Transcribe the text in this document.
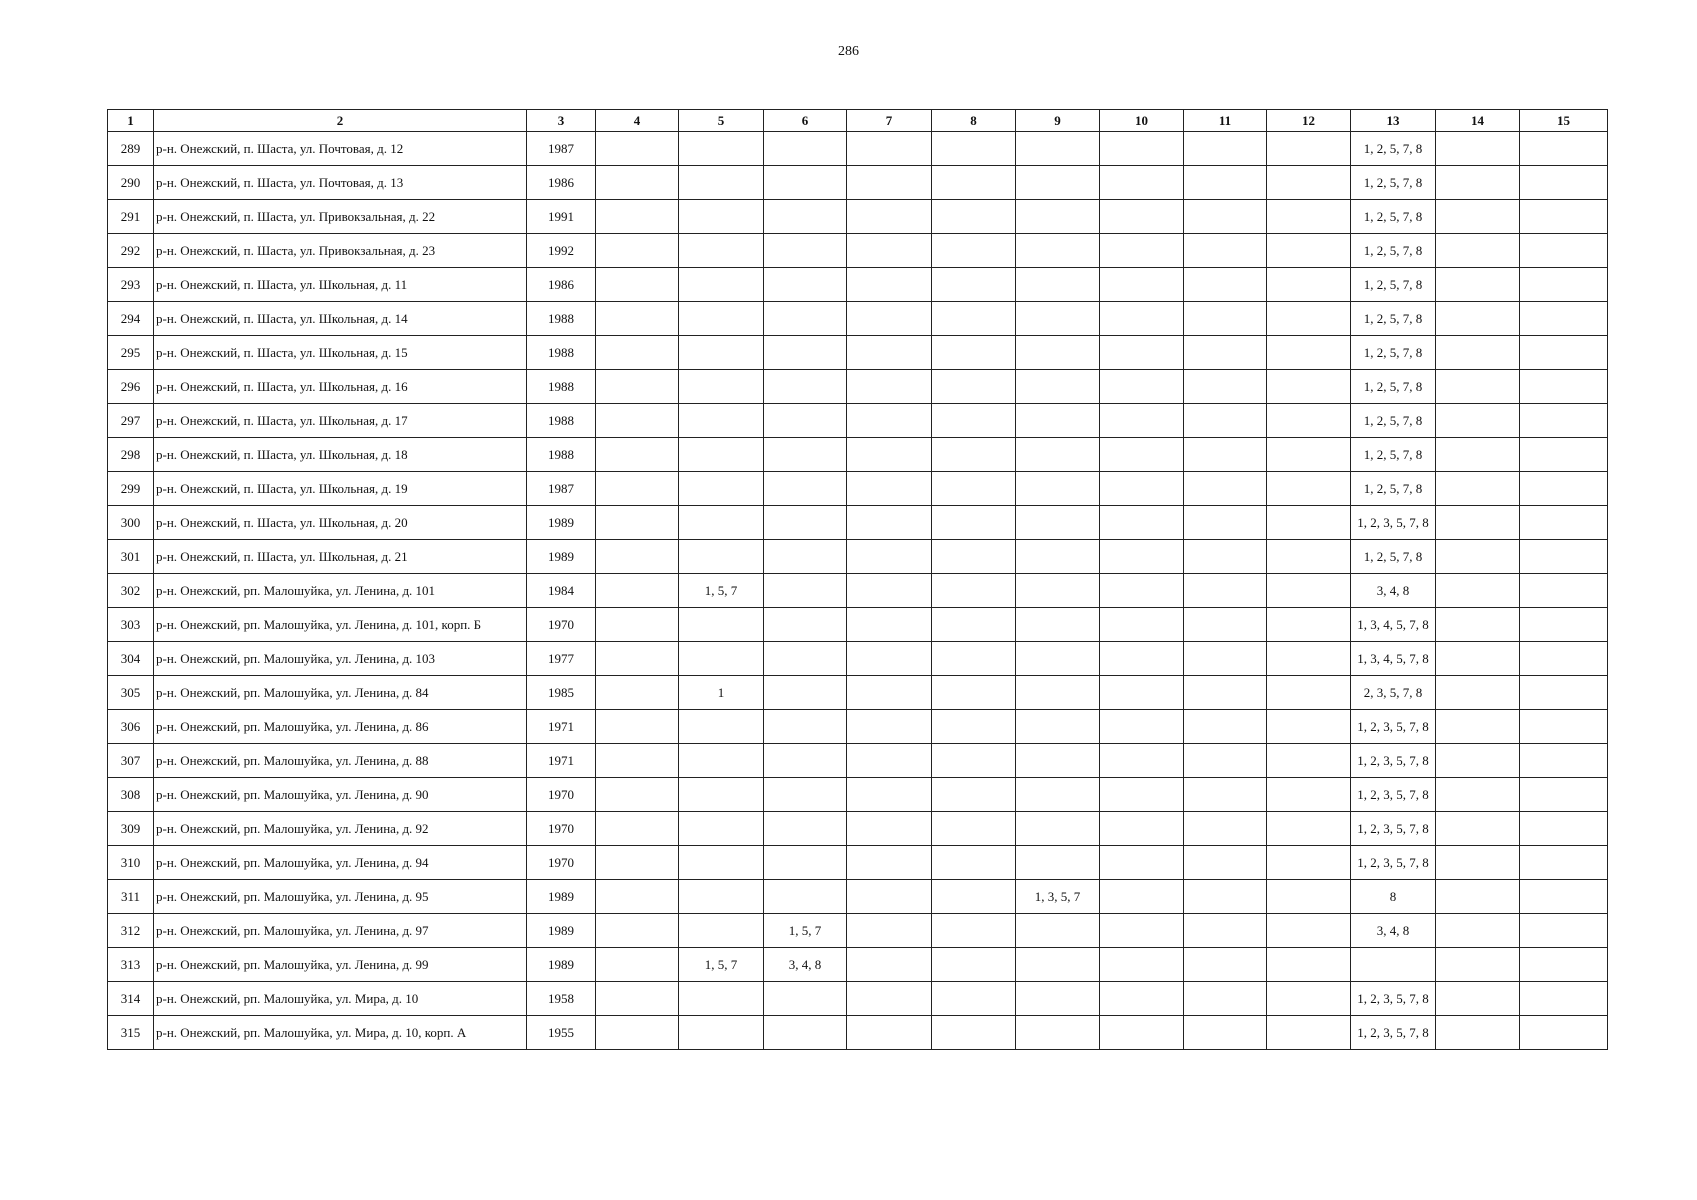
286
1	2	3	4	5	6	7	8	9	10	11	12	13	14	15
289	р-н. Онежский, п. Шаста, ул. Почтовая, д. 12	1987										1, 2, 5, 7, 8		
290	р-н. Онежский, п. Шаста, ул. Почтовая, д. 13	1986										1, 2, 5, 7, 8		
291	р-н. Онежский, п. Шаста, ул. Привокзальная, д. 22	1991										1, 2, 5, 7, 8		
292	р-н. Онежский, п. Шаста, ул. Привокзальная, д. 23	1992										1, 2, 5, 7, 8		
293	р-н. Онежский, п. Шаста, ул. Школьная, д. 11	1986										1, 2, 5, 7, 8		
294	р-н. Онежский, п. Шаста, ул. Школьная, д. 14	1988										1, 2, 5, 7, 8		
295	р-н. Онежский, п. Шаста, ул. Школьная, д. 15	1988										1, 2, 5, 7, 8		
296	р-н. Онежский, п. Шаста, ул. Школьная, д. 16	1988										1, 2, 5, 7, 8		
297	р-н. Онежский, п. Шаста, ул. Школьная, д. 17	1988										1, 2, 5, 7, 8		
298	р-н. Онежский, п. Шаста, ул. Школьная, д. 18	1988										1, 2, 5, 7, 8		
299	р-н. Онежский, п. Шаста, ул. Школьная, д. 19	1987										1, 2, 5, 7, 8		
300	р-н. Онежский, п. Шаста, ул. Школьная, д. 20	1989										1, 2, 3, 5, 7, 8		
301	р-н. Онежский, п. Шаста, ул. Школьная, д. 21	1989										1, 2, 5, 7, 8		
302	р-н. Онежский, рп. Малошуйка, ул. Ленина, д. 101	1984		1, 5, 7								3, 4, 8		
303	р-н. Онежский, рп. Малошуйка, ул. Ленина, д. 101, корп. Б	1970										1, 3, 4, 5, 7, 8		
304	р-н. Онежский, рп. Малошуйка, ул. Ленина, д. 103	1977										1, 3, 4, 5, 7, 8		
305	р-н. Онежский, рп. Малошуйка, ул. Ленина, д. 84	1985		1								2, 3, 5, 7, 8		
306	р-н. Онежский, рп. Малошуйка, ул. Ленина, д. 86	1971										1, 2, 3, 5, 7, 8		
307	р-н. Онежский, рп. Малошуйка, ул. Ленина, д. 88	1971										1, 2, 3, 5, 7, 8		
308	р-н. Онежский, рп. Малошуйка, ул. Ленина, д. 90	1970										1, 2, 3, 5, 7, 8		
309	р-н. Онежский, рп. Малошуйка, ул. Ленина, д. 92	1970										1, 2, 3, 5, 7, 8		
310	р-н. Онежский, рп. Малошуйка, ул. Ленина, д. 94	1970										1, 2, 3, 5, 7, 8		
311	р-н. Онежский, рп. Малошуйка, ул. Ленина, д. 95	1989						1, 3, 5, 7				8		
312	р-н. Онежский, рп. Малошуйка, ул. Ленина, д. 97	1989			1, 5, 7							3, 4, 8		
313	р-н. Онежский, рп. Малошуйка, ул. Ленина, д. 99	1989		1, 5, 7	3, 4, 8									
314	р-н. Онежский, рп. Малошуйка, ул. Мира, д. 10	1958										1, 2, 3, 5, 7, 8		
315	р-н. Онежский, рп. Малошуйка, ул. Мира, д. 10, корп. А	1955										1, 2, 3, 5, 7, 8		
